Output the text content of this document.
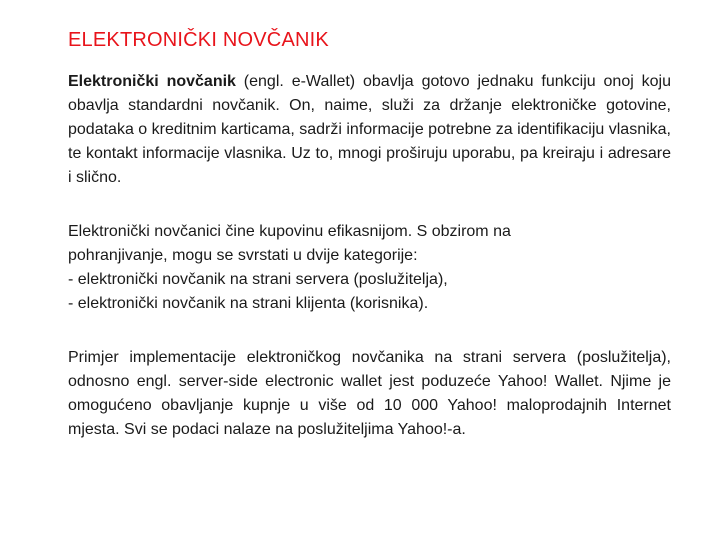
ELEKTRONIČKI NOVČANIK

Elektronički novčanik (engl. e-Wallet) obavlja gotovo jednaku funkciju onoj koju obavlja standardni novčanik. On, naime, služi za držanje elektroničke gotovine, podataka o kreditnim karticama, sadrži informacije potrebne za identifikaciju vlasnika, te kontakt informacije vlasnika. Uz to, mnogi proširuju uporabu, pa kreiraju i adresare i slično.

Elektronički novčanici čine kupovinu efikasnijom. S obzirom na
pohranjivanje, mogu se svrstati u dvije kategorije:
- elektronički novčanik na strani servera (poslužitelja),
- elektronički novčanik na strani klijenta (korisnika).

Primjer implementacije elektroničkog novčanika na strani servera (poslužitelja), odnosno engl. server-side electronic wallet jest poduzeće Yahoo! Wallet. Njime je omogućeno obavljanje kupnje u više od 10 000 Yahoo! maloprodajnih Internet mjesta. Svi se podaci nalaze na poslužiteljima Yahoo!-a.
